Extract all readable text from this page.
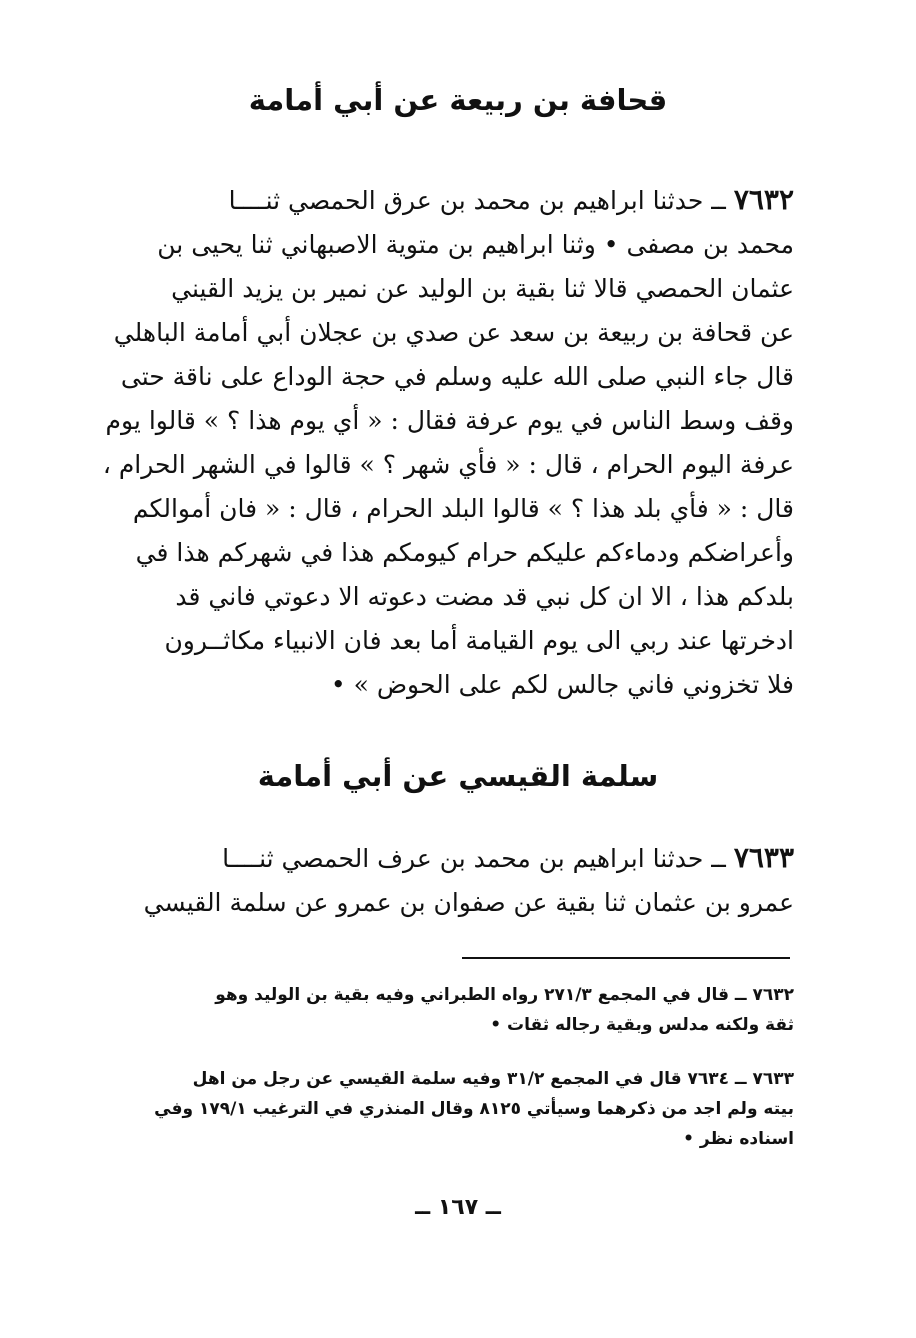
قحافة بن ربيعة عن أبي أمامة
٧٦٣٢ ــ حدثنا ابراهيم بن محمد بن عرق الحمصي ثنــــا
محمد بن مصفى • وثنا ابراهيم بن متوية الاصبهاني ثنا يحيى بن
عثمان الحمصي قالا ثنا بقية بن الوليد عن نمير بن يزيد القيني
عن قحافة بن ربيعة بن سعد عن صدي بن عجلان أبي أمامة الباهلي
قال جاء النبي صلى الله عليه وسلم في حجة الوداع على ناقة حتى
وقف وسط الناس في يوم عرفة فقال : « أي يوم هذا ؟ » قالوا يوم
عرفة اليوم الحرام ، قال : « فأي شهر ؟ » قالوا في الشهر الحرام ،
قال : « فأي بلد هذا ؟ » قالوا البلد الحرام ، قال : « فان أموالكم
وأعراضكم ودماءكم عليكم حرام كيومكم هذا في شهركم هذا في
بلدكم هذا ، الا ان كل نبي قد مضت دعوته الا دعوتي فاني قد
ادخرتها عند ربي الى يوم القيامة أما بعد فان الانبياء مكاثــرون
فلا تخزوني فاني جالس لكم على الحوض » •
سلمة القيسي عن أبي أمامة
٧٦٣٣ ــ حدثنا ابراهيم بن محمد بن عرف الحمصي ثنــــا
عمرو بن عثمان ثنا بقية عن صفوان بن عمرو عن سلمة القيسي
٧٦٣٢ ــ قال في المجمع ٢٧١/٣ رواه الطبراني وفيه بقية بن الوليد وهو
ثقة ولكنه مدلس وبقية رجاله ثقات •
٧٦٣٣ ــ ٧٦٣٤ قال في المجمع ٣١/٢ وفيه سلمة القيسي عن رجل من اهل
بيته ولم اجد من ذكرهما وسيأتي ٨١٢٥ وقال المنذري في الترغيب ١٧٩/١ وفي
اسناده نظر •
ــ ١٦٧ ــ
